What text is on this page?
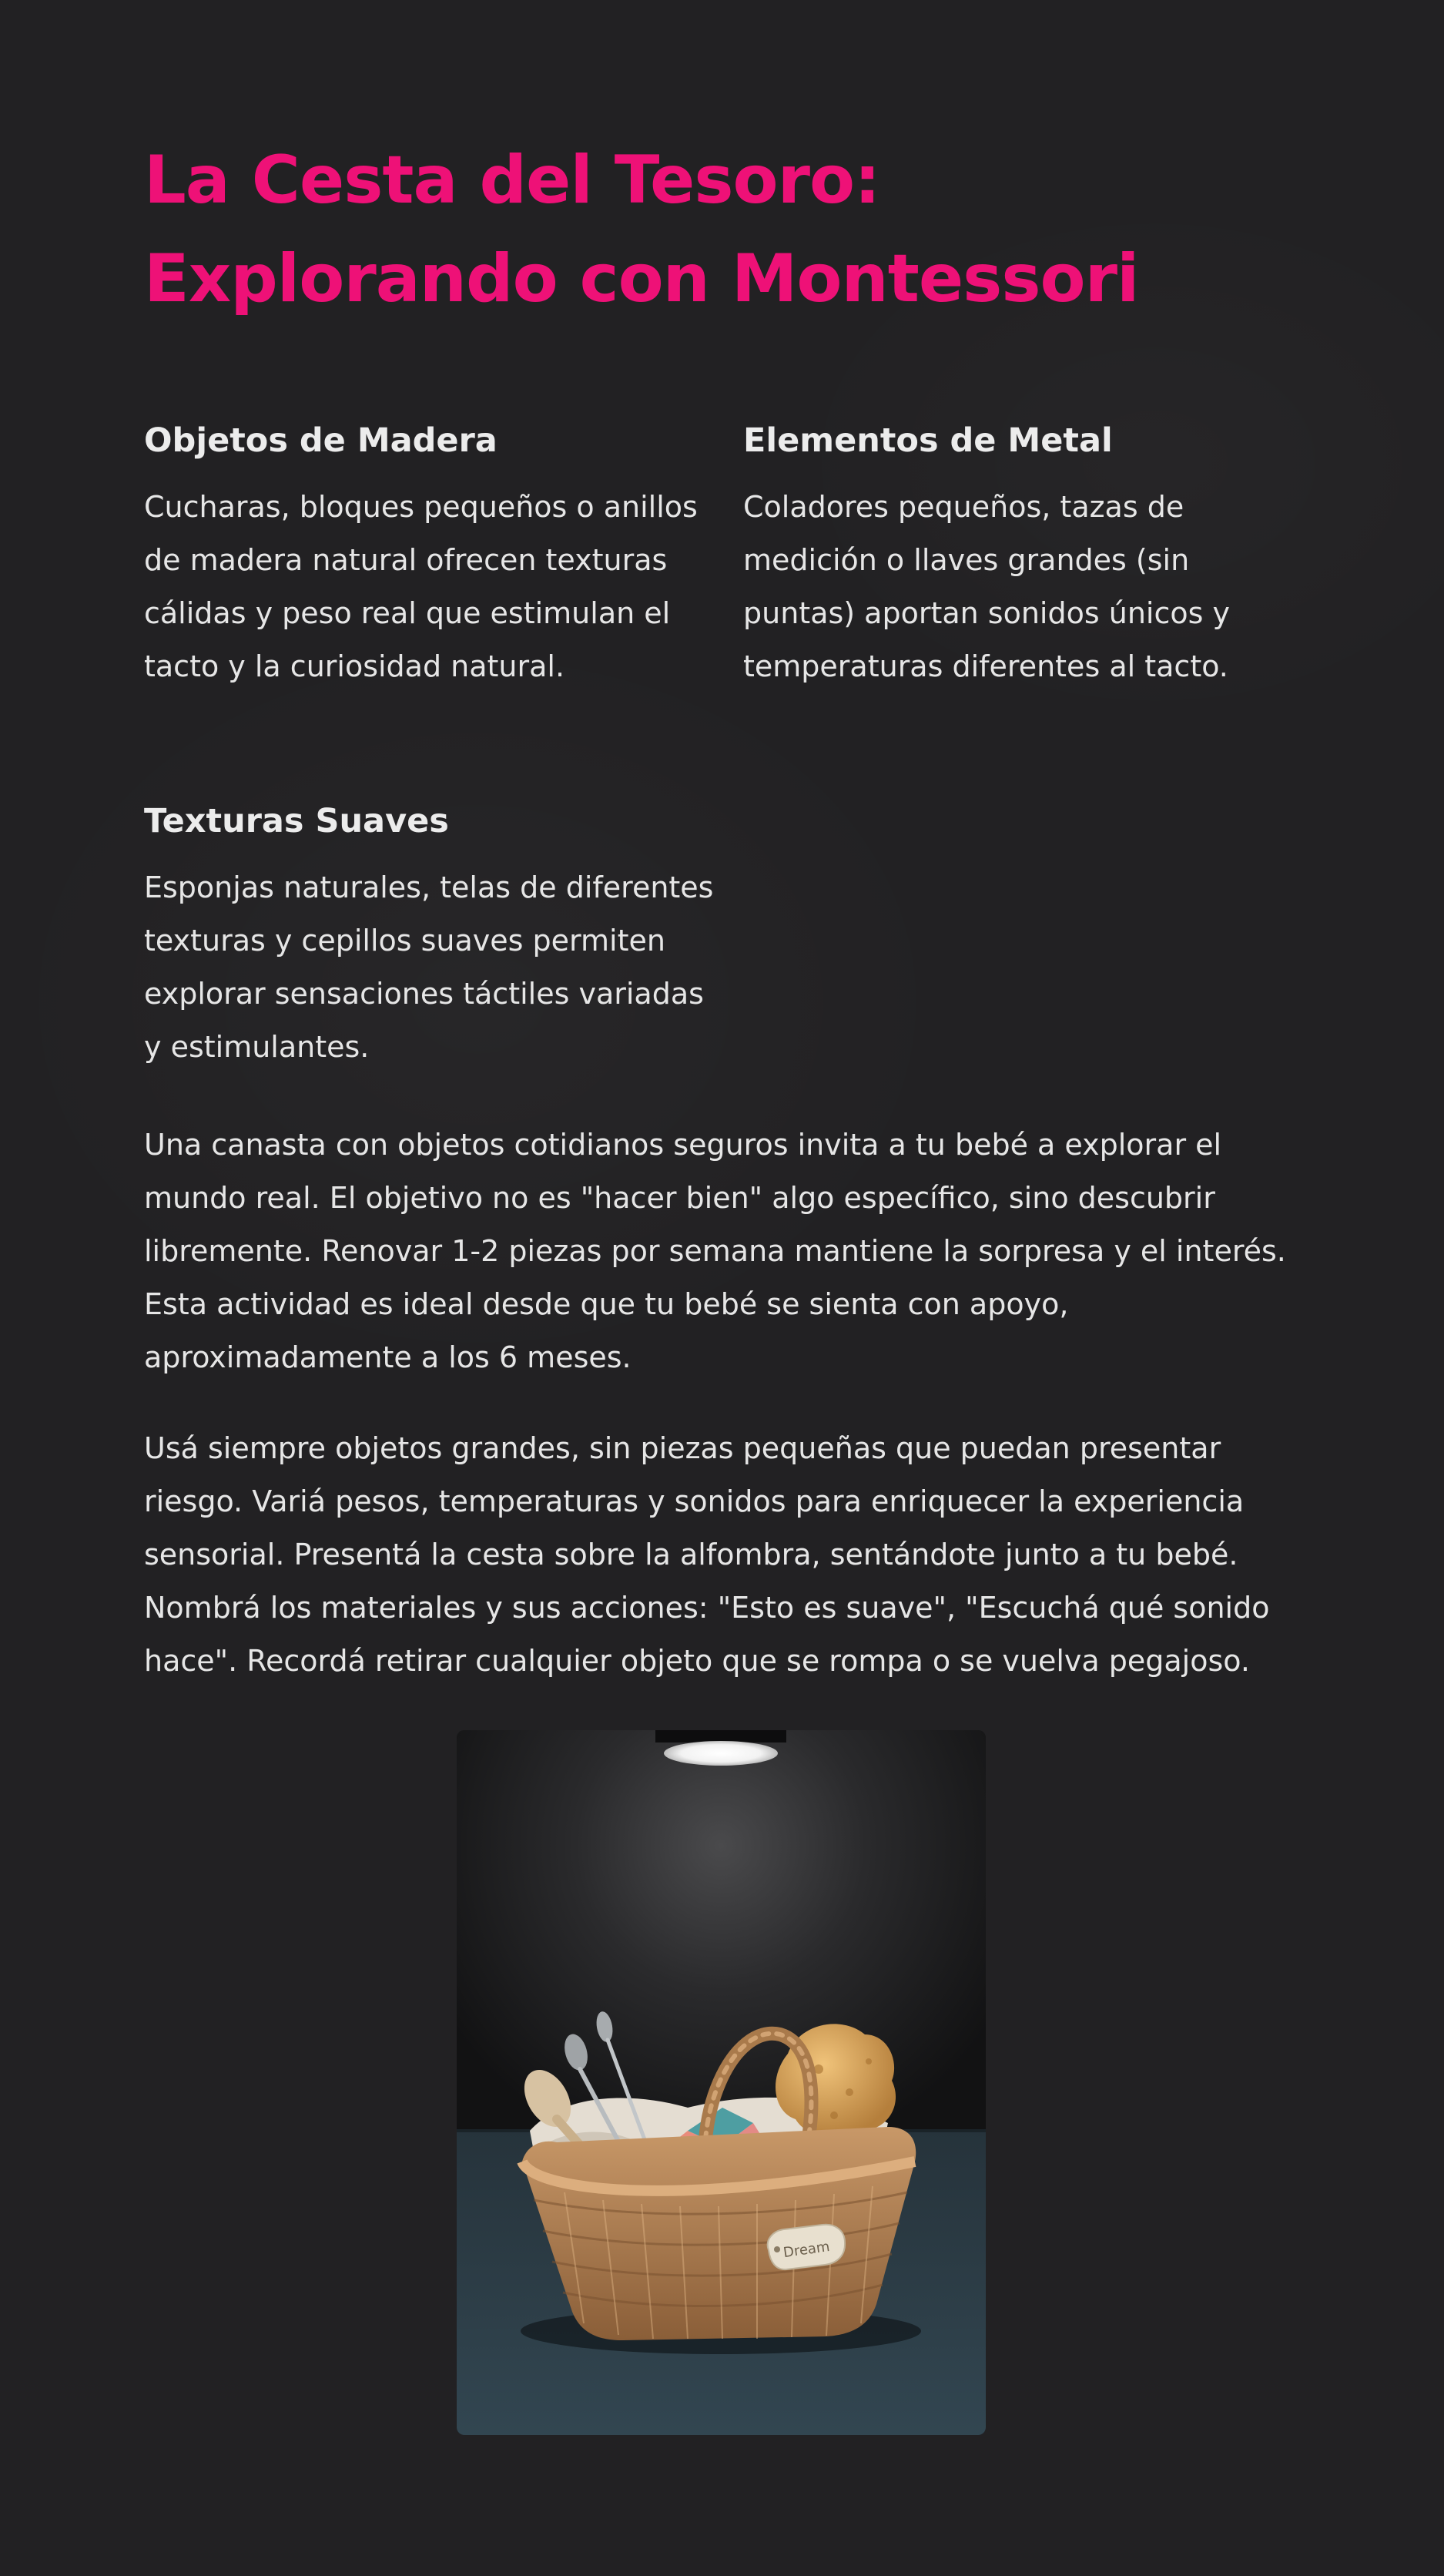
La Cesta del Tesoro: Explorando con Montessori
Objetos de Madera

Cucharas, bloques pequeños o anillos de madera natural ofrecen texturas cálidas y peso real que estimulan el tacto y la curiosidad natural.

Elementos de Metal

Coladores pequeños, tazas de medición o llaves grandes (sin puntas) aportan sonidos únicos y temperaturas diferentes al tacto.

Texturas Suaves

Esponjas naturales, telas de diferentes texturas y cepillos suaves permiten explorar sensaciones táctiles variadas y estimulantes.

Una canasta con objetos cotidianos seguros invita a tu bebé a explorar el mundo real. El objetivo no es "hacer bien" algo específico, sino descubrir libremente. Renovar 1-2 piezas por semana mantiene la sorpresa y el interés. Esta actividad es ideal desde que tu bebé se sienta con apoyo, aproximadamente a los 6 meses.

Usá siempre objetos grandes, sin piezas pequeñas que puedan presentar riesgo. Variá pesos, temperaturas y sonidos para enriquecer la experiencia sensorial. Presentá la cesta sobre la alfombra, sentándote junto a tu bebé. Nombrá los materiales y sus acciones: "Esto es suave", "Escuchá qué sonido hace". Recordá retirar cualquier objeto que se rompa o se vuelva pegajoso.

Dream
